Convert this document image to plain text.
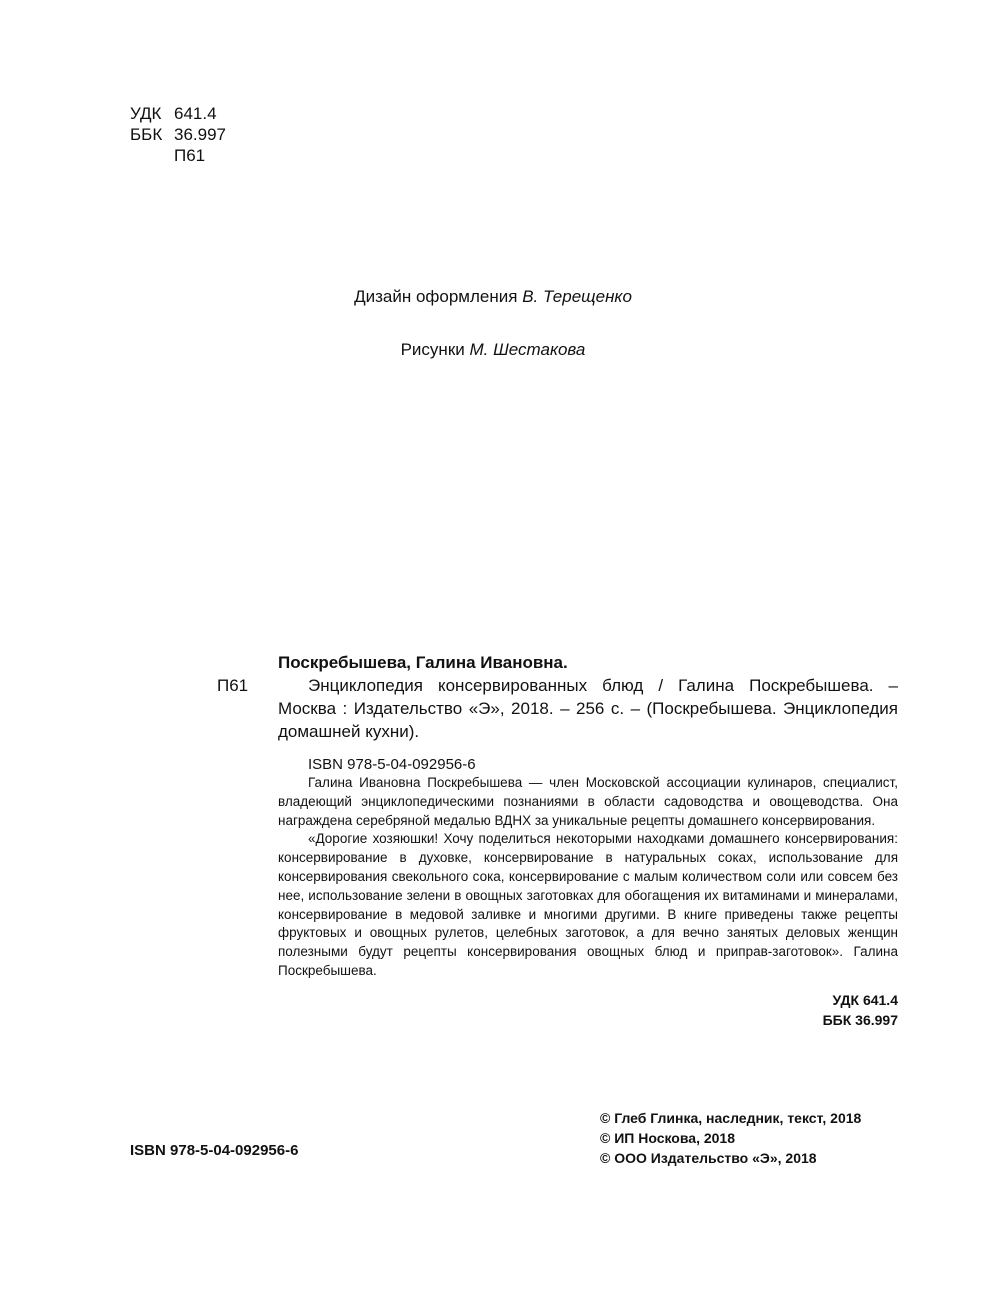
УДК 641.4
ББК 36.997
П61
Дизайн оформления В. Терещенко
Рисунки М. Шестакова
П61
Поскребышева, Галина Ивановна.
Энциклопедия консервированных блюд / Галина Поскребышева. – Москва : Издательство «Э», 2018. – 256 с. – (Поскребышева. Энциклопедия домашней кухни).
ISBN 978-5-04-092956-6

Галина Ивановна Поскребышева — член Московской ассоциации кулинаров, специалист, владеющий энциклопедическими познаниями в области садоводства и овощеводства. Она награждена серебряной медалью ВДНХ за уникальные рецепты домашнего консервирования.

«Дорогие хозяюшки! Хочу поделиться некоторыми находками домашнего консервирования: консервирование в духовке, консервирование в натуральных соках, использование для консервирования свекольного сока, консервирование с малым количеством соли или совсем без нее, использование зелени в овощных заготовках для обогащения их витаминами и минералами, консервирование в медовой заливке и многими другими. В книге приведены также рецепты фруктовых и овощных рулетов, целебных заготовок, а для вечно занятых деловых женщин полезными будут рецепты консервирования овощных блюд и приправ-заготовок». Галина Поскребышева.

УДК 641.4
ББК 36.997
© Глеб Глинка, наследник, текст, 2018
© ИП Носкова, 2018
© ООО Издательство «Э», 2018
ISBN 978-5-04-092956-6
